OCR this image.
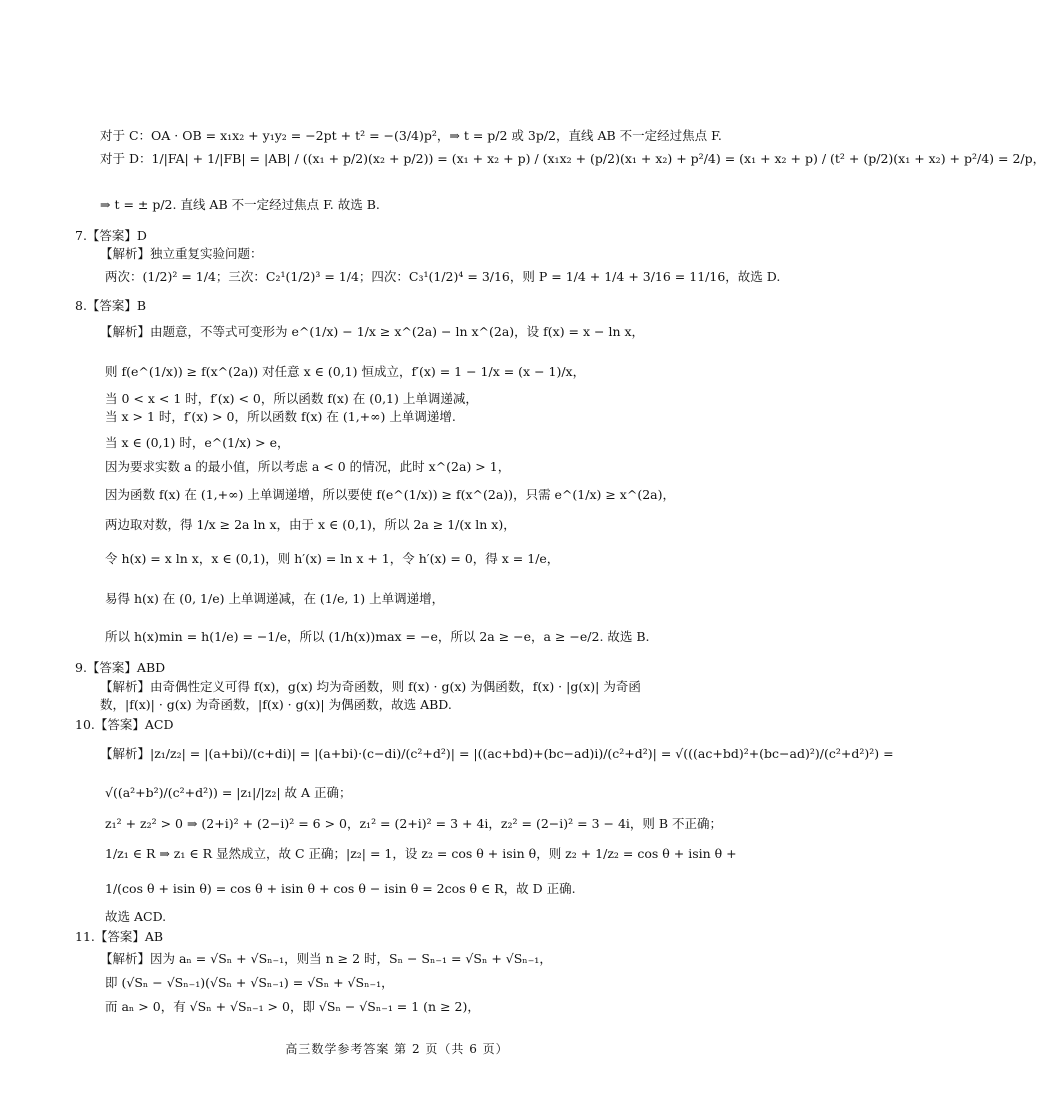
对于 C：OA · OB = x₁x₂ + y₁y₂ = −2pt + t² = −(3/4)p²，⇒ t = p/2 或 3p/2，直线 AB 不一定经过焦点 F.
对于 D：1/|FA| + 1/|FB| = |AB| / ((x₁ + p/2)(x₂ + p/2)) = (x₁ + x₂ + p) / (x₁x₂ + (p/2)(x₁ + x₂) + p²/4) = (x₁ + x₂ + p) / (t² + (p/2)(x₁ + x₂) + p²/4) = 2/p，
⇒ t = ± p/2. 直线 AB 不一定经过焦点 F. 故选 B.
7.【答案】D
【解析】独立重复实验问题：
两次：(1/2)² = 1/4；三次：C₂¹(1/2)³ = 1/4；四次：C₃¹(1/2)⁴ = 3/16，则 P = 1/4 + 1/4 + 3/16 = 11/16，故选 D.
8.【答案】B
【解析】由题意，不等式可变形为 e^(1/x) − 1/x ≥ x^(2a) − ln x^(2a)，设 f(x) = x − ln x，
则 f(e^(1/x)) ≥ f(x^(2a)) 对任意 x ∈ (0,1) 恒成立，f′(x) = 1 − 1/x = (x − 1)/x，
当 0 < x < 1 时，f′(x) < 0，所以函数 f(x) 在 (0,1) 上单调递减，
当 x > 1 时，f′(x) > 0，所以函数 f(x) 在 (1,+∞) 上单调递增.
当 x ∈ (0,1) 时，e^(1/x) > e，
因为要求实数 a 的最小值，所以考虑 a < 0 的情况，此时 x^(2a) > 1，
因为函数 f(x) 在 (1,+∞) 上单调递增，所以要使 f(e^(1/x)) ≥ f(x^(2a))，只需 e^(1/x) ≥ x^(2a)，
两边取对数，得 1/x ≥ 2a ln x，由于 x ∈ (0,1)，所以 2a ≥ 1/(x ln x)，
令 h(x) = x ln x，x ∈ (0,1)，则 h′(x) = ln x + 1，令 h′(x) = 0，得 x = 1/e，
易得 h(x) 在 (0, 1/e) 上单调递减，在 (1/e, 1) 上单调递增，
所以 h(x)min = h(1/e) = −1/e，所以 (1/h(x))max = −e，所以 2a ≥ −e，a ≥ −e/2. 故选 B.
9.【答案】ABD
【解析】由奇偶性定义可得 f(x)，g(x) 均为奇函数，则 f(x) · g(x) 为偶函数，f(x) · |g(x)| 为奇函
数，|f(x)| · g(x) 为奇函数，|f(x) · g(x)| 为偶函数，故选 ABD.
10.【答案】ACD
【解析】|z₁/z₂| = |(a+bi)/(c+di)| = |(a+bi)·(c−di)/(c²+d²)| = |((ac+bd)+(bc−ad)i)/(c²+d²)| = √(((ac+bd)²+(bc−ad)²)/(c²+d²)²) =
√((a²+b²)/(c²+d²)) = |z₁|/|z₂| 故 A 正确；
z₁² + z₂² > 0 ⇒ (2+i)² + (2−i)² = 6 > 0，z₁² = (2+i)² = 3 + 4i，z₂² = (2−i)² = 3 − 4i，则 B 不正确；
1/z₁ ∈ R ⇒ z₁ ∈ R 显然成立，故 C 正确；|z₂| = 1，设 z₂ = cos θ + isin θ，则 z₂ + 1/z₂ = cos θ + isin θ +
1/(cos θ + isin θ) = cos θ + isin θ + cos θ − isin θ = 2cos θ ∈ R，故 D 正确.
故选 ACD.
11.【答案】AB
【解析】因为 aₙ = √Sₙ + √Sₙ₋₁，则当 n ≥ 2 时，Sₙ − Sₙ₋₁ = √Sₙ + √Sₙ₋₁，
即 (√Sₙ − √Sₙ₋₁)(√Sₙ + √Sₙ₋₁) = √Sₙ + √Sₙ₋₁，
而 aₙ > 0，有 √Sₙ + √Sₙ₋₁ > 0，即 √Sₙ − √Sₙ₋₁ = 1 (n ≥ 2)，
高三数学参考答案 第 2 页（共 6 页）
